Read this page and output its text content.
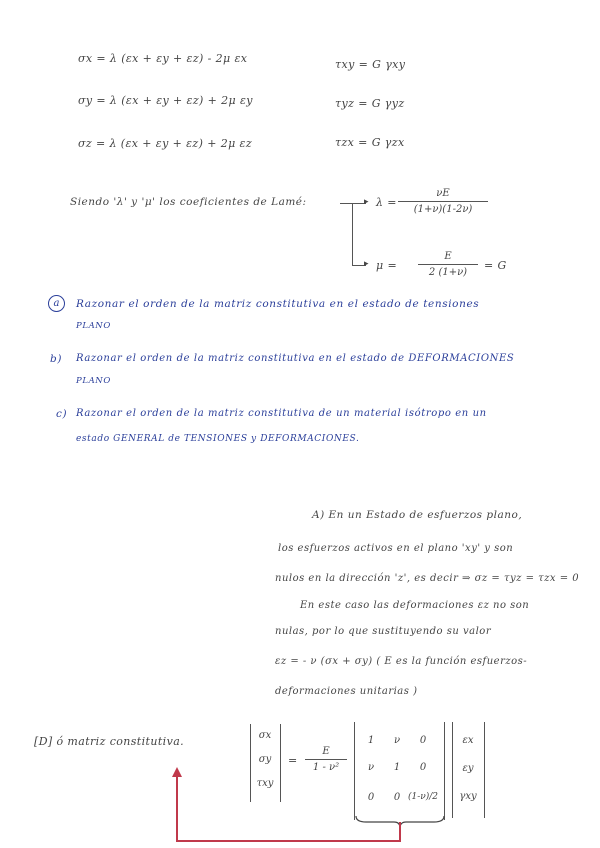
σx = λ (εx + εy + εz) - 2μ εx
σy = λ (εx + εy + εz) + 2μ εy
σz = λ (εx + εy + εz) + 2μ εz
τxy = G γxy
τyz = G γyz
τzx = G γzx
Siendo 'λ' y 'μ' los coeficientes de Lamé:	▸
▸
λ =
νE
(1+ν)(1-2ν)
μ =
E
2 (1+ν)
= G
a	Razonar el orden de la matriz constitutiva en el estado de tensiones
PLANO
b) Razonar el orden de la matriz constitutiva en el estado de DEFORMACIONES
PLANO
c) Razonar el orden de la matriz constitutiva de un material isótropo en un
estado GENERAL de TENSIONES y DEFORMACIONES.
A) En un Estado de esfuerzos plano,
los esfuerzos activos en el plano 'xy' y son
nulos en la dirección 'z', es decir ⇒ σz = τyz = τzx = 0
En este caso las deformaciones εz no son
nulas, por lo que sustituyendo su valor
εz = - ν (σx + σy) ( E es la función esfuerzos-
deformaciones unitarias )
[D] ó matriz constitutiva.	σx
σy
τxy
=
E
1 - ν²
1	ν	0
ν	1	0
0	0 (1-ν)/2
εx
εy
γxy
